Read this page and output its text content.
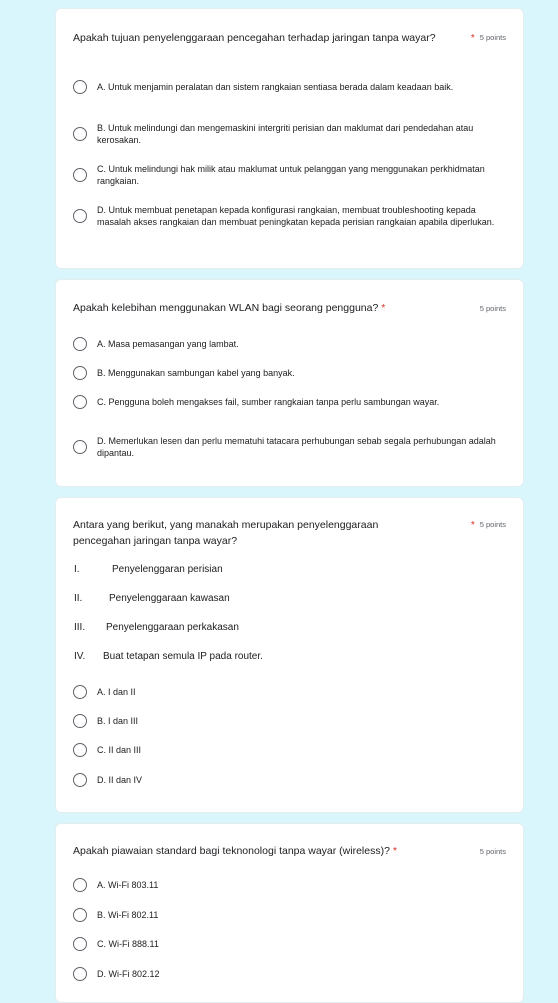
Apakah tujuan penyelenggaraan pencegahan terhadap jaringan tanpa wayar?	* 5 points
A. Untuk menjamin peralatan dan sistem rangkaian sentiasa berada dalam keadaan baik.
B. Untuk melindungi dan mengemaskini intergriti perisian dan maklumat dari pendedahan atau kerosakan.
C. Untuk melindungi hak milik atau maklumat untuk pelanggan yang menggunakan perkhidmatan rangkaian.
D. Untuk membuat penetapan kepada konfigurasi rangkaian, membuat troubleshooting kepada masalah akses rangkaian dan membuat peningkatan kepada perisian rangkaian apabila diperlukan.
Apakah kelebihan menggunakan WLAN bagi seorang pengguna? *	5 points
A. Masa pemasangan yang lambat.
B. Menggunakan sambungan kabel yang banyak.
C. Pengguna boleh mengakses fail, sumber rangkaian tanpa perlu sambungan wayar.
D. Memerlukan lesen dan perlu mematuhi tatacara perhubungan sebab segala perhubungan adalah dipantau.
Antara yang berikut, yang manakah merupakan penyelenggaraan pencegahan jaringan tanpa wayar?
* 5 points
I.	Penyelenggaran perisian
II.	Penyelenggaraan kawasan
III. Penyelenggaraan perkakasan
IV. Buat tetapan semula IP pada router.
A. I dan II
B. I dan III
C. II dan III
D. II dan IV
Apakah piawaian standard bagi teknonologi tanpa wayar (wireless)? *	5 points
A. Wi-Fi 803.11
B. Wi-Fi 802.11
C. Wi-Fi 888.11
D. Wi-Fi 802.12
